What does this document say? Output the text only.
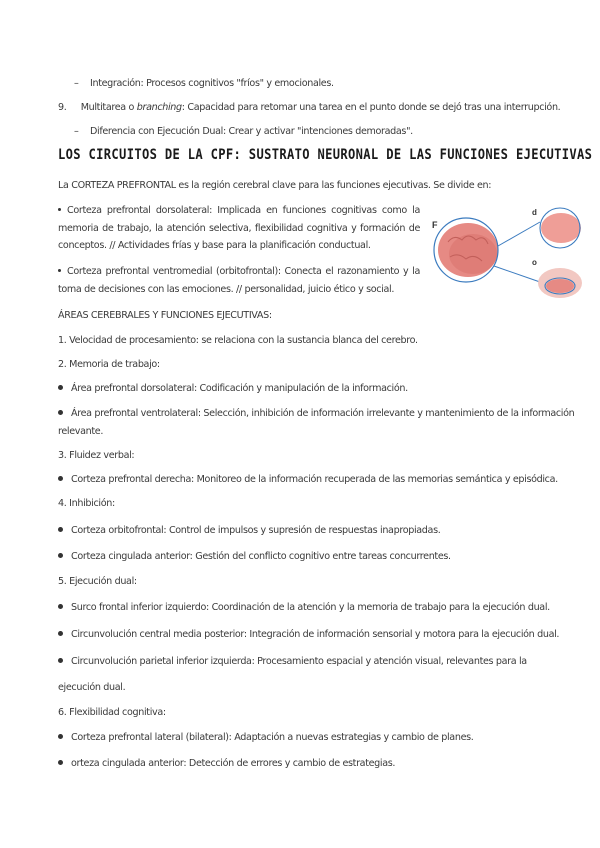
– Integración: Procesos cognitivos "fríos" y emocionales.
9. Multitarea o branching: Capacidad para retomar una tarea en el punto donde se dejó tras una interrupción.
– Diferencia con Ejecución Dual: Crear y activar "intenciones demoradas".
LOS CIRCUITOS DE LA CPF: SUSTRATO NEURONAL DE LAS FUNCIONES EJECUTIVAS
La CORTEZA PREFRONTAL es la región cerebral clave para las funciones ejecutivas. Se divide en:
Corteza prefrontal dorsolateral: Implicada en funciones cognitivas como la memoria de trabajo, la atención selectiva, flexibilidad cognitiva y formación de conceptos. // Actividades frías y base para la planificación conductual.
Corteza prefrontal ventromedial (orbitofrontal): Conecta el razonamiento y la toma de decisiones con las emociones. // personalidad, juicio ético y social.
F
d
o
ÁREAS CEREBRALES Y FUNCIONES EJECUTIVAS:
1. Velocidad de procesamiento: se relaciona con la sustancia blanca del cerebro.
2. Memoria de trabajo:
Área prefrontal dorsolateral: Codificación y manipulación de la información.
Área prefrontal ventrolateral: Selección, inhibición de información irrelevante y mantenimiento de la información
relevante.
3. Fluidez verbal:
Corteza prefrontal derecha: Monitoreo de la información recuperada de las memorias semántica y episódica.
4. Inhibición:
Corteza orbitofrontal: Control de impulsos y supresión de respuestas inapropiadas.
Corteza cingulada anterior: Gestión del conflicto cognitivo entre tareas concurrentes.
5. Ejecución dual:
Surco frontal inferior izquierdo: Coordinación de la atención y la memoria de trabajo para la ejecución dual.
Circunvolución central media posterior: Integración de información sensorial y motora para la ejecución dual.
Circunvolución parietal inferior izquierda: Procesamiento espacial y atención visual, relevantes para la
ejecución dual.
6. Flexibilidad cognitiva:
Corteza prefrontal lateral (bilateral): Adaptación a nuevas estrategias y cambio de planes.
orteza cingulada anterior: Detección de errores y cambio de estrategias.
